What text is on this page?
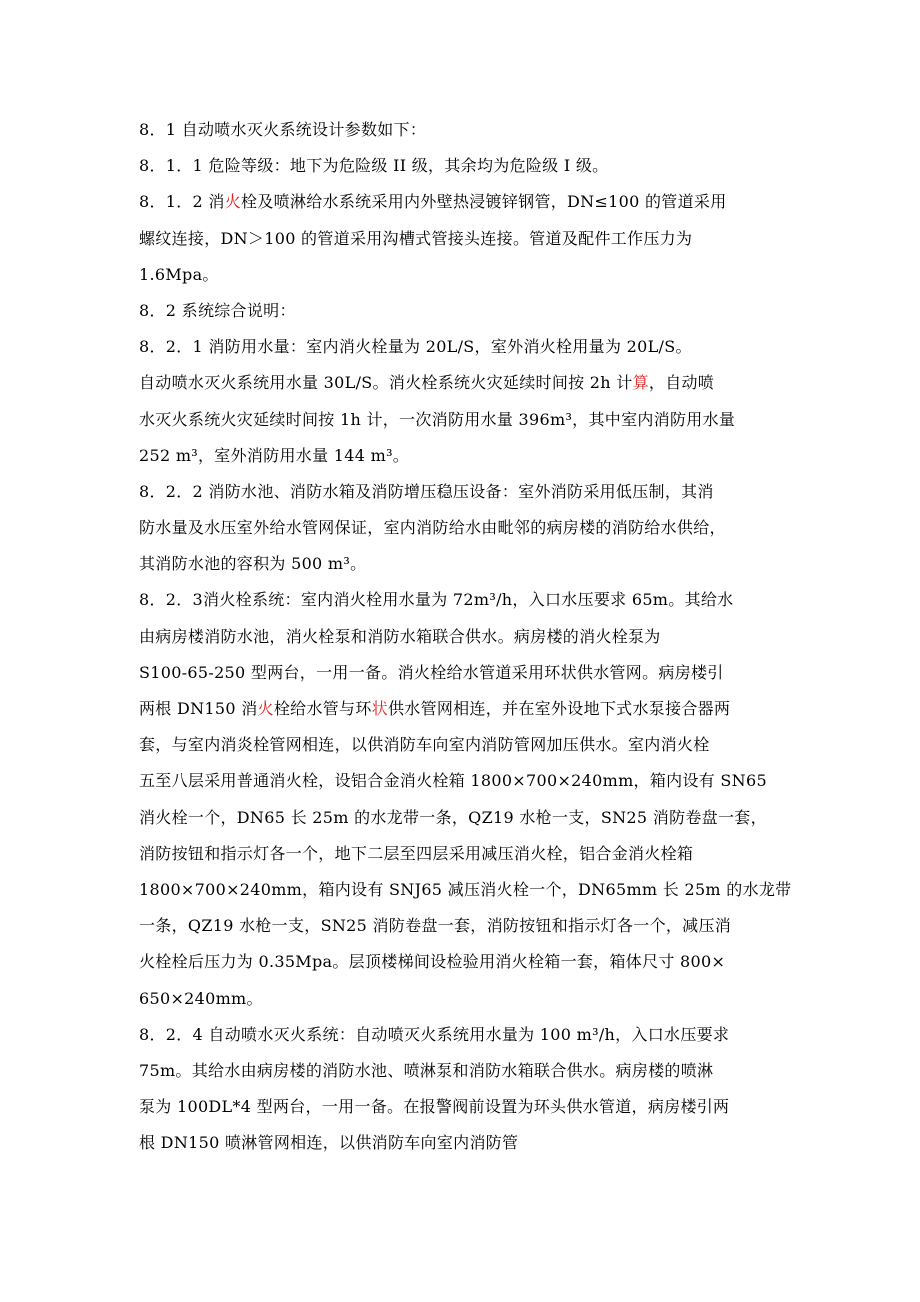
8．1 自动喷水灭火系统设计参数如下：
8．1．1 危险等级：地下为危险级 II 级，其余均为危险级 I 级。
8．1．2 消火栓及喷淋给水系统采用内外壁热浸镀锌钢管，DN≤100 的管道采用
螺纹连接，DN＞100 的管道采用沟槽式管接头连接。管道及配件工作压力为
1.6Mpa。
8．2 系统综合说明：
8．2．1 消防用水量：室内消火栓量为 20L/S，室外消火栓用量为 20L/S。
自动喷水灭火系统用水量 30L/S。消火栓系统火灾延续时间按 2h 计算，自动喷
水灭火系统火灾延续时间按 1h 计，一次消防用水量 396m³，其中室内消防用水量
252 m³，室外消防用水量 144 m³。
8．2．2 消防水池、消防水箱及消防增压稳压设备：室外消防采用低压制，其消
防水量及水压室外给水管网保证，室内消防给水由毗邻的病房楼的消防给水供给，
其消防水池的容积为 500 m³。
8．2．3消火栓系统：室内消火栓用水量为 72m³/h，入口水压要求 65m。其给水
由病房楼消防水池，消火栓泵和消防水箱联合供水。病房楼的消火栓泵为
S100-65-250 型两台，一用一备。消火栓给水管道采用环状供水管网。病房楼引
两根 DN150 消火栓给水管与环状供水管网相连，并在室外设地下式水泵接合器两
套，与室内消炎栓管网相连，以供消防车向室内消防管网加压供水。室内消火栓
五至八层采用普通消火栓，设铝合金消火栓箱 1800×700×240mm，箱内设有 SN65
消火栓一个，DN65 长 25m 的水龙带一条，QZ19 水枪一支，SN25 消防卷盘一套，
消防按钮和指示灯各一个，地下二层至四层采用减压消火栓，铝合金消火栓箱
1800×700×240mm，箱内设有 SNJ65 减压消火栓一个，DN65mm 长 25m 的水龙带
一条，QZ19 水枪一支，SN25 消防卷盘一套，消防按钮和指示灯各一个，减压消
火栓栓后压力为 0.35Mpa。层顶楼梯间设检验用消火栓箱一套，箱体尺寸 800×
650×240mm。
8．2．4 自动喷水灭火系统：自动喷灭火系统用水量为 100 m³/h，入口水压要求
75m。其给水由病房楼的消防水池、喷淋泵和消防水箱联合供水。病房楼的喷淋
泵为 100DL*4 型两台，一用一备。在报警阀前设置为环头供水管道，病房楼引两
根 DN150 喷淋管网相连，以供消防车向室内消防管
